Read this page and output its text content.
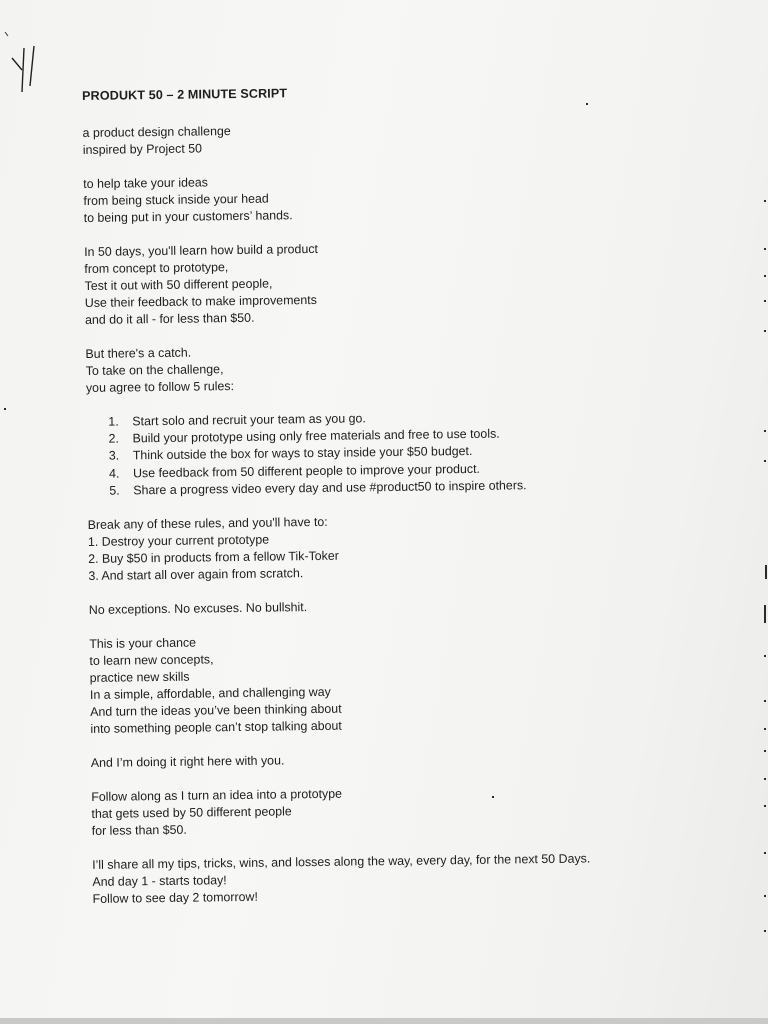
PRODUKT 50 – 2 MINUTE SCRIPT
a product design challenge
inspired by Project 50
to help take your ideas
from being stuck inside your head
to being put in your customers’ hands.
In 50 days, you'll learn how build a product
from concept to prototype,
Test it out with 50 different people,
Use their feedback to make improvements
and do it all - for less than $50.
But there's a catch.
To take on the challenge,
you agree to follow 5 rules:
1. Start solo and recruit your team as you go.
2. Build your prototype using only free materials and free to use tools.
3. Think outside the box for ways to stay inside your $50 budget.
4. Use feedback from 50 different people to improve your product.
5. Share a progress video every day and use #product50 to inspire others.
Break any of these rules, and you'll have to:
1. Destroy your current prototype
2. Buy $50 in products from a fellow Tik-Toker
3. And start all over again from scratch.
No exceptions. No excuses. No bullshit.
This is your chance
to learn new concepts,
practice new skills
In a simple, affordable, and challenging way
And turn the ideas you’ve been thinking about
into something people can’t stop talking about
And I’m doing it right here with you.
Follow along as I turn an idea into a prototype
that gets used by 50 different people
for less than $50.
I’ll share all my tips, tricks, wins, and losses along the way, every day, for the next 50 Days.
And day 1 - starts today!
Follow to see day 2 tomorrow!
